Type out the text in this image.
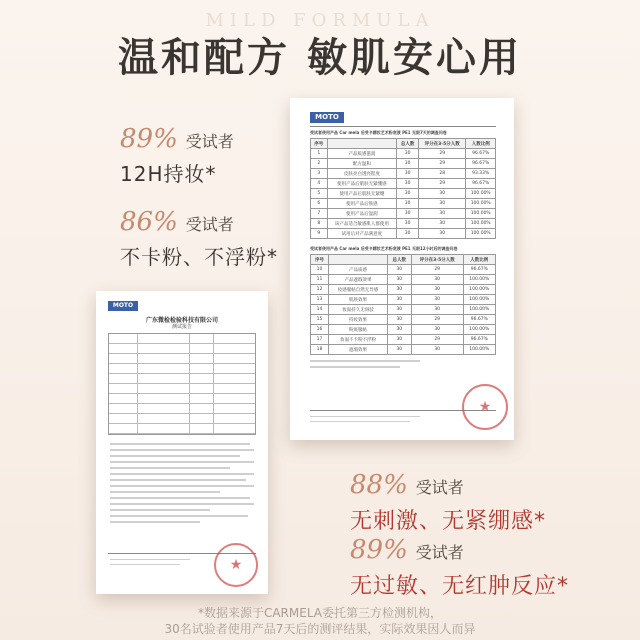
MILD FORMULA
温和配方 敏肌安心用
89% 受试者
12H持妆*
86% 受试者
不卡粉、不浮粉*
MOTO
受试者使用产品 Car mela 后受卡精妆艺术粉底液 PE1 无限7天的调查问卷
序号		总人数	评分在3-5分人数	人数比例
1	产品质感滋润	30	29	96.67%
2	配方温和	30	29	96.67%
3	皮肤亮白透亮程度	30	28	93.33%
4	使用产品后肌肤无紧绷感	30	29	96.67%
5	使用产品后肌肤无紧绷	30	30	100.00%
6	使用产品后肤感	30	30	100.00%
7	使用产品后湿润	30	30	100.00%
8	该产品适合敏感肌人群使用	30	30	100.00%
9	试用后对产品满意度	30	30	100.00%
受试者使用产品 Car mela 后受卡精妆艺术粉底液 PE1 无限12小时后的调查问卷
序号		总人数	评分在3-5分人数	人数比例
10	产品质感	30	29	96.67%
11	产品遮瑕效果	30	30	100.00%
12	妆感服帖自然无异感	30	30	100.00%
13	肌肤效果	30	30	100.00%
14	妆面持久无斑驳	30	30	100.00%
15	持妆效果	30	29	96.67%
16	粉底服帖	30	30	100.00%
17	妆面不卡粉不浮粉	30	29	96.67%
18	遮瑕效果	30	30	100.00%
★
MOTO
广东微检检验科技有限公司
测试报告
★
88% 受试者
无刺激、无紧绷感*
89% 受试者
无过敏、无红肿反应*
*数据来源于CARMELA委托第三方检测机构，
30名试验者使用产品7天后的测评结果，实际效果因人而异
